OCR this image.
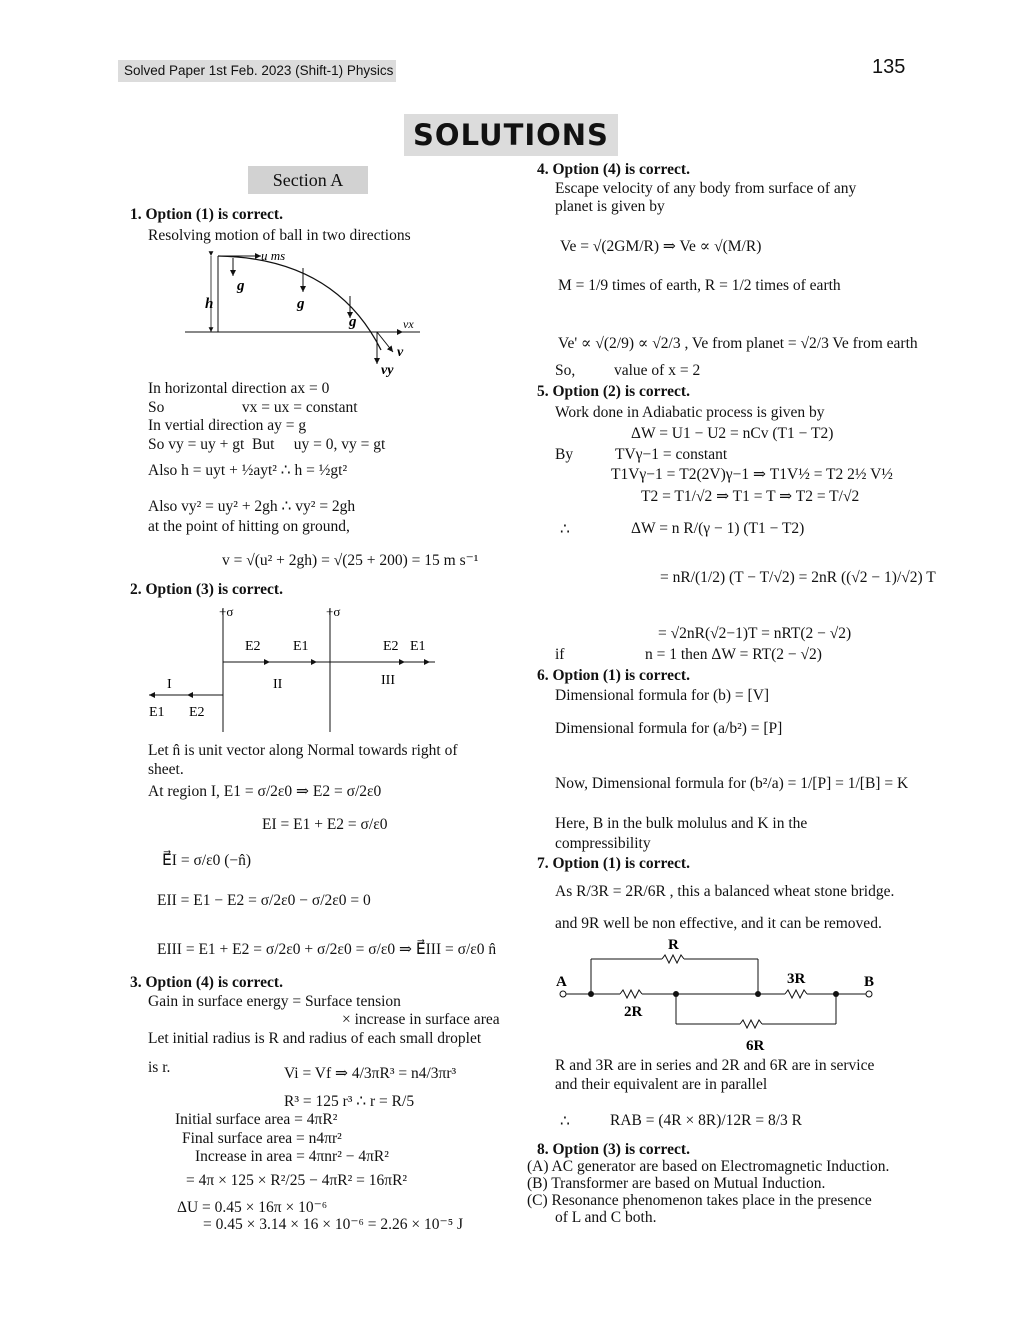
Solved Paper 1st Feb. 2023 (Shift-1) Physics	135
SOLUTIONS
Section A
1. Option (1) is correct.
Resolving motion of ball in two directions
u ms
g
g
g
h
vx
v
vy
In horizontal direction ax = 0
So                    vx = ux = constant
In vertial direction ay = g
So vy = uy + gt  But     uy = 0, vy = gt
Also h = uyt + ½ayt² ∴ h = ½gt²
Also vy² = uy² + 2gh ∴ vy² = 2gh
at the point of hitting on ground,
v = √(u² + 2gh) = √(25 + 200) = 15 m s⁻¹
2. Option (3) is correct.
+σ	+σ
E2 E1	E2 E1
E1 E2
I	II	III
Let n̂ is unit vector along Normal towards right of
sheet.
At region I, E1 = σ/2ε0 ⇒ E2 = σ/2ε0
EI = E1 + E2 = σ/ε0
E⃗I = σ/ε0 (−n̂)
EII = E1 − E2 = σ/2ε0 − σ/2ε0 = 0
EIII = E1 + E2 = σ/2ε0 + σ/2ε0 = σ/ε0 ⇒ E⃗III = σ/ε0 n̂
3. Option (4) is correct.
Gain in surface energy = Surface tension
× increase in surface area
Let initial radius is R and radius of each small droplet
is r.	Vi = Vf ⇒ 4/3πR³ = n4/3πr³
R³ = 125 r³ ∴ r = R/5
Initial surface area = 4πR²
Final surface area = n4πr²
Increase in area = 4πnr² − 4πR²
= 4π × 125 × R²/25 − 4πR² = 16πR²
ΔU = 0.45 × 16π × 10⁻⁶
= 0.45 × 3.14 × 16 × 10⁻⁶ = 2.26 × 10⁻⁵ J
4. Option (4) is correct.
Escape velocity of any body from surface of any
planet is given by
Ve = √(2GM/R) ⇒ Ve ∝ √(M/R)
M = 1/9 times of earth, R = 1/2 times of earth
Ve' ∝ √(2/9) ∝ √2/3 , Ve from planet = √2/3 Ve from earth
So,          value of x = 2
5. Option (2) is correct.
Work done in Adiabatic process is given by
ΔW = U1 − U2 = nCv (T1 − T2)
By	TVγ−1 = constant
T1Vγ−1 = T2(2V)γ−1 ⇒ T1V½ = T2 2½ V½
T2 = T1/√2 ⇒ T1 = T ⇒ T2 = T/√2
∴	ΔW = n R/(γ − 1) (T1 − T2)
= nR/(1/2) (T − T/√2) = 2nR ((√2 − 1)/√2) T
= √2nR(√2−1)T = nRT(2 − √2)
if	n = 1 then ΔW = RT(2 − √2)
6. Option (1) is correct.
Dimensional formula for (b) = [V]
Dimensional formula for (a/b²) = [P]
Now, Dimensional formula for (b²/a) = 1/[P] = 1/[B] = K
Here, B in the bulk molulus and K in the
compressibility
7. Option (1) is correct.
As R/3R = 2R/6R , this a balanced wheat stone bridge.
and 9R well be non effective, and it can be removed.
R
3R
2R
6R
A	B
R and 3R are in series and 2R and 6R are in service
and their equivalent are in parallel
∴	RAB = (4R × 8R)/12R = 8/3 R
8. Option (3) is correct.
(A) AC generator are based on Electromagnetic Induction.
(B) Transformer are based on Mutual Induction.
(C) Resonance phenomenon takes place in the presence
of L and C both.
